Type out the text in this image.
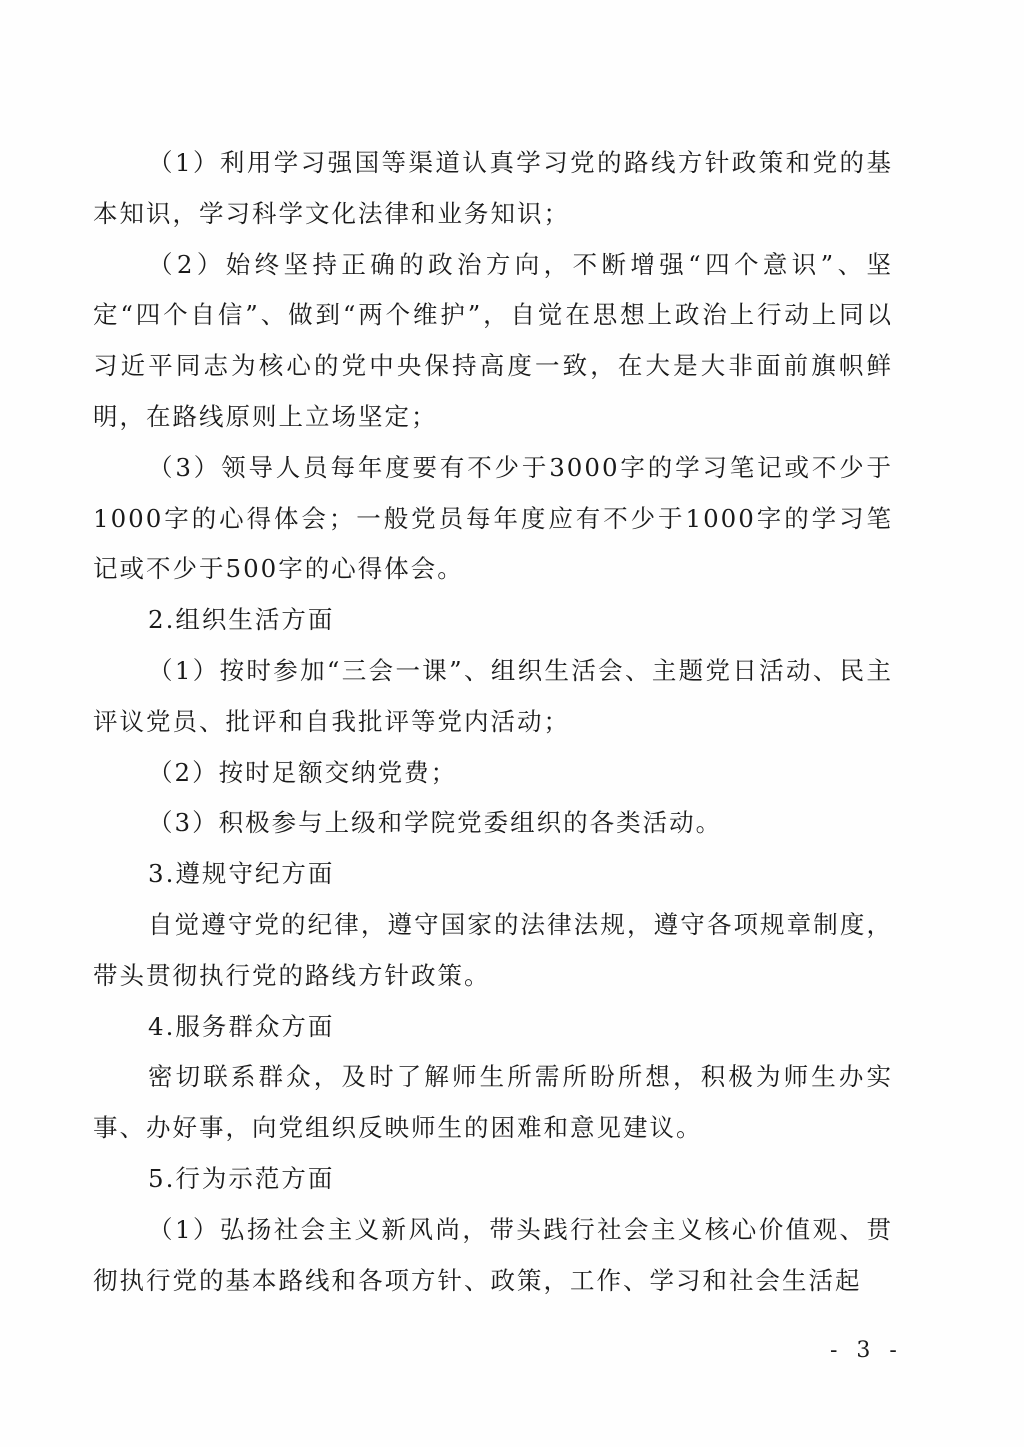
（1）利用学习强国等渠道认真学习党的路线方针政策和党的基本知识，学习科学文化法律和业务知识；

（2）始终坚持正确的政治方向，不断增强“四个意识”、坚定“四个自信”、做到“两个维护”，自觉在思想上政治上行动上同以习近平同志为核心的党中央保持高度一致，在大是大非面前旗帜鲜明，在路线原则上立场坚定；

（3）领导人员每年度要有不少于3000字的学习笔记或不少于1000字的心得体会；一般党员每年度应有不少于1000字的学习笔记或不少于500字的心得体会。

2.组织生活方面

（1）按时参加“三会一课”、组织生活会、主题党日活动、民主评议党员、批评和自我批评等党内活动；

（2）按时足额交纳党费；

（3）积极参与上级和学院党委组织的各类活动。

3.遵规守纪方面

自觉遵守党的纪律，遵守国家的法律法规，遵守各项规章制度，带头贯彻执行党的路线方针政策。

4.服务群众方面

密切联系群众，及时了解师生所需所盼所想，积极为师生办实事、办好事，向党组织反映师生的困难和意见建议。

5.行为示范方面

（1）弘扬社会主义新风尚，带头践行社会主义核心价值观、贯彻执行党的基本路线和各项方针、政策，工作、学习和社会生活起

- 3 -
